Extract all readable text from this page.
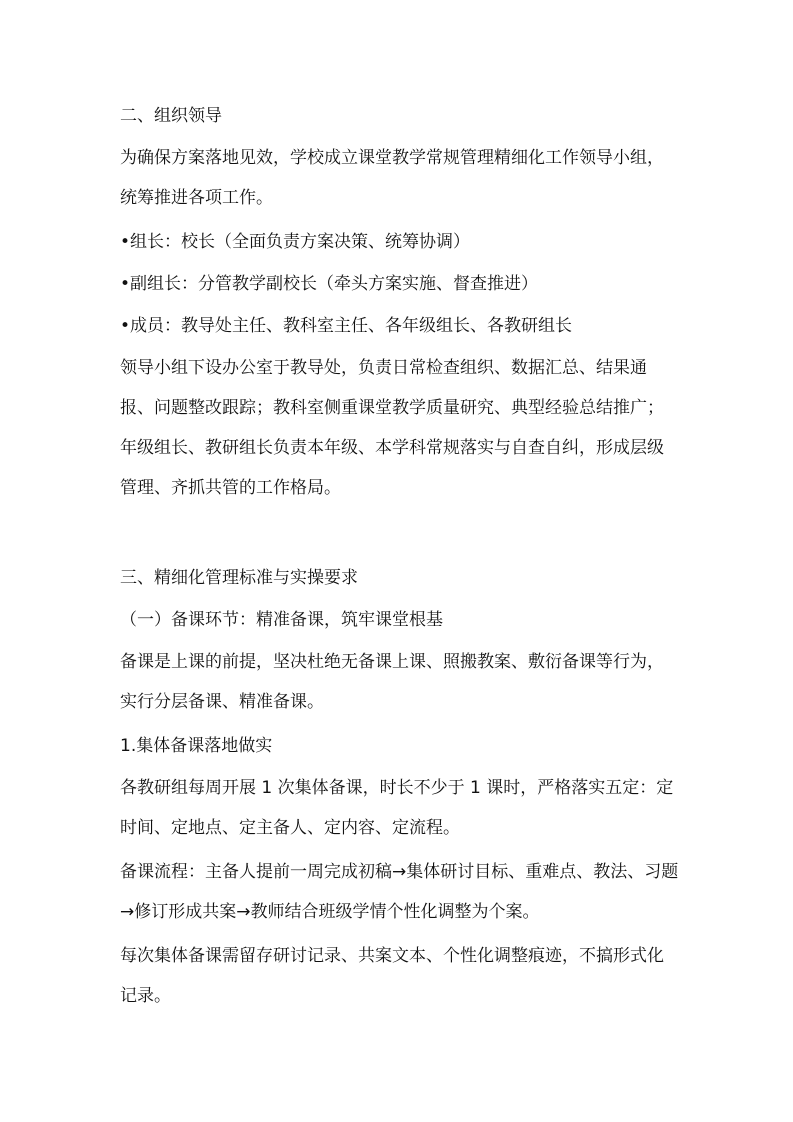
二、组织领导

为确保方案落地见效，学校成立课堂教学常规管理精细化工作领导小组，统筹推进各项工作。

•组长：校长（全面负责方案决策、统筹协调）

•副组长：分管教学副校长（牵头方案实施、督查推进）

•成员：教导处主任、教科室主任、各年级组长、各教研组长

领导小组下设办公室于教导处，负责日常检查组织、数据汇总、结果通报、问题整改跟踪；教科室侧重课堂教学质量研究、典型经验总结推广；年级组长、教研组长负责本年级、本学科常规落实与自查自纠，形成层级管理、齐抓共管的工作格局。

三、精细化管理标准与实操要求

（一）备课环节：精准备课，筑牢课堂根基

备课是上课的前提，坚决杜绝无备课上课、照搬教案、敷衍备课等行为，实行分层备课、精准备课。

1.集体备课落地做实

各教研组每周开展 1 次集体备课，时长不少于 1 课时，严格落实五定：定时间、定地点、定主备人、定内容、定流程。

备课流程：主备人提前一周完成初稿→集体研讨目标、重难点、教法、习题→修订形成共案→教师结合班级学情个性化调整为个案。

每次集体备课需留存研讨记录、共案文本、个性化调整痕迹，不搞形式化记录。
